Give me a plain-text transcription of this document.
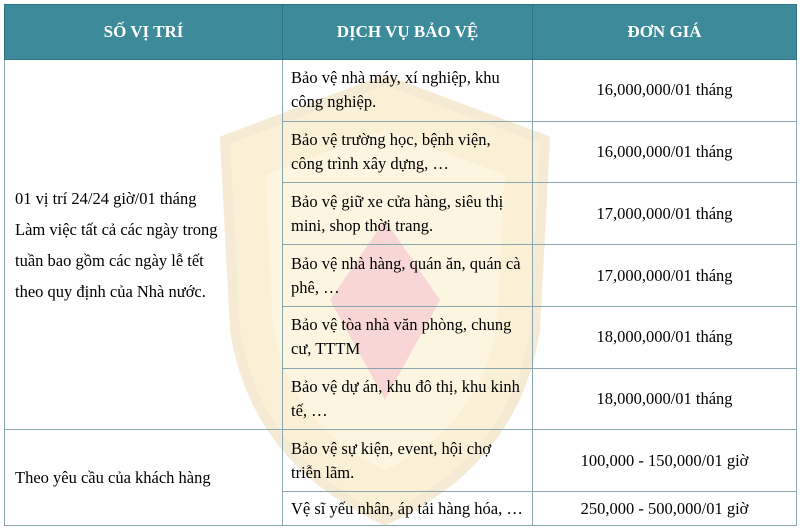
SỐ VỊ TRÍ	DỊCH VỤ BẢO VỆ	ĐƠN GIÁ

01 vị trí 24/24 giờ/01 tháng
Làm việc tất cả các ngày trong
tuần bao gồm các ngày lễ tết
theo quy định của Nhà nước.	Bảo vệ nhà máy, xí nghiệp, khu công nghiệp.	16,000,000/01 tháng
	Bảo vệ trường học, bệnh viện, công trình xây dựng, …	16,000,000/01 tháng
	Bảo vệ giữ xe cửa hàng, siêu thị mini, shop thời trang.	17,000,000/01 tháng
	Bảo vệ nhà hàng, quán ăn, quán cà phê, …	17,000,000/01 tháng
	Bảo vệ tòa nhà văn phòng, chung cư, TTTM	18,000,000/01 tháng
	Bảo vệ dự án, khu đô thị, khu kinh tế, …	18,000,000/01 tháng

Theo yêu cầu của khách hàng	Bảo vệ sự kiện, event, hội chợ triễn lãm.	100,000 - 150,000/01 giờ
	Vệ sĩ yếu nhân, áp tải hàng hóa, …	250,000 - 500,000/01 giờ
